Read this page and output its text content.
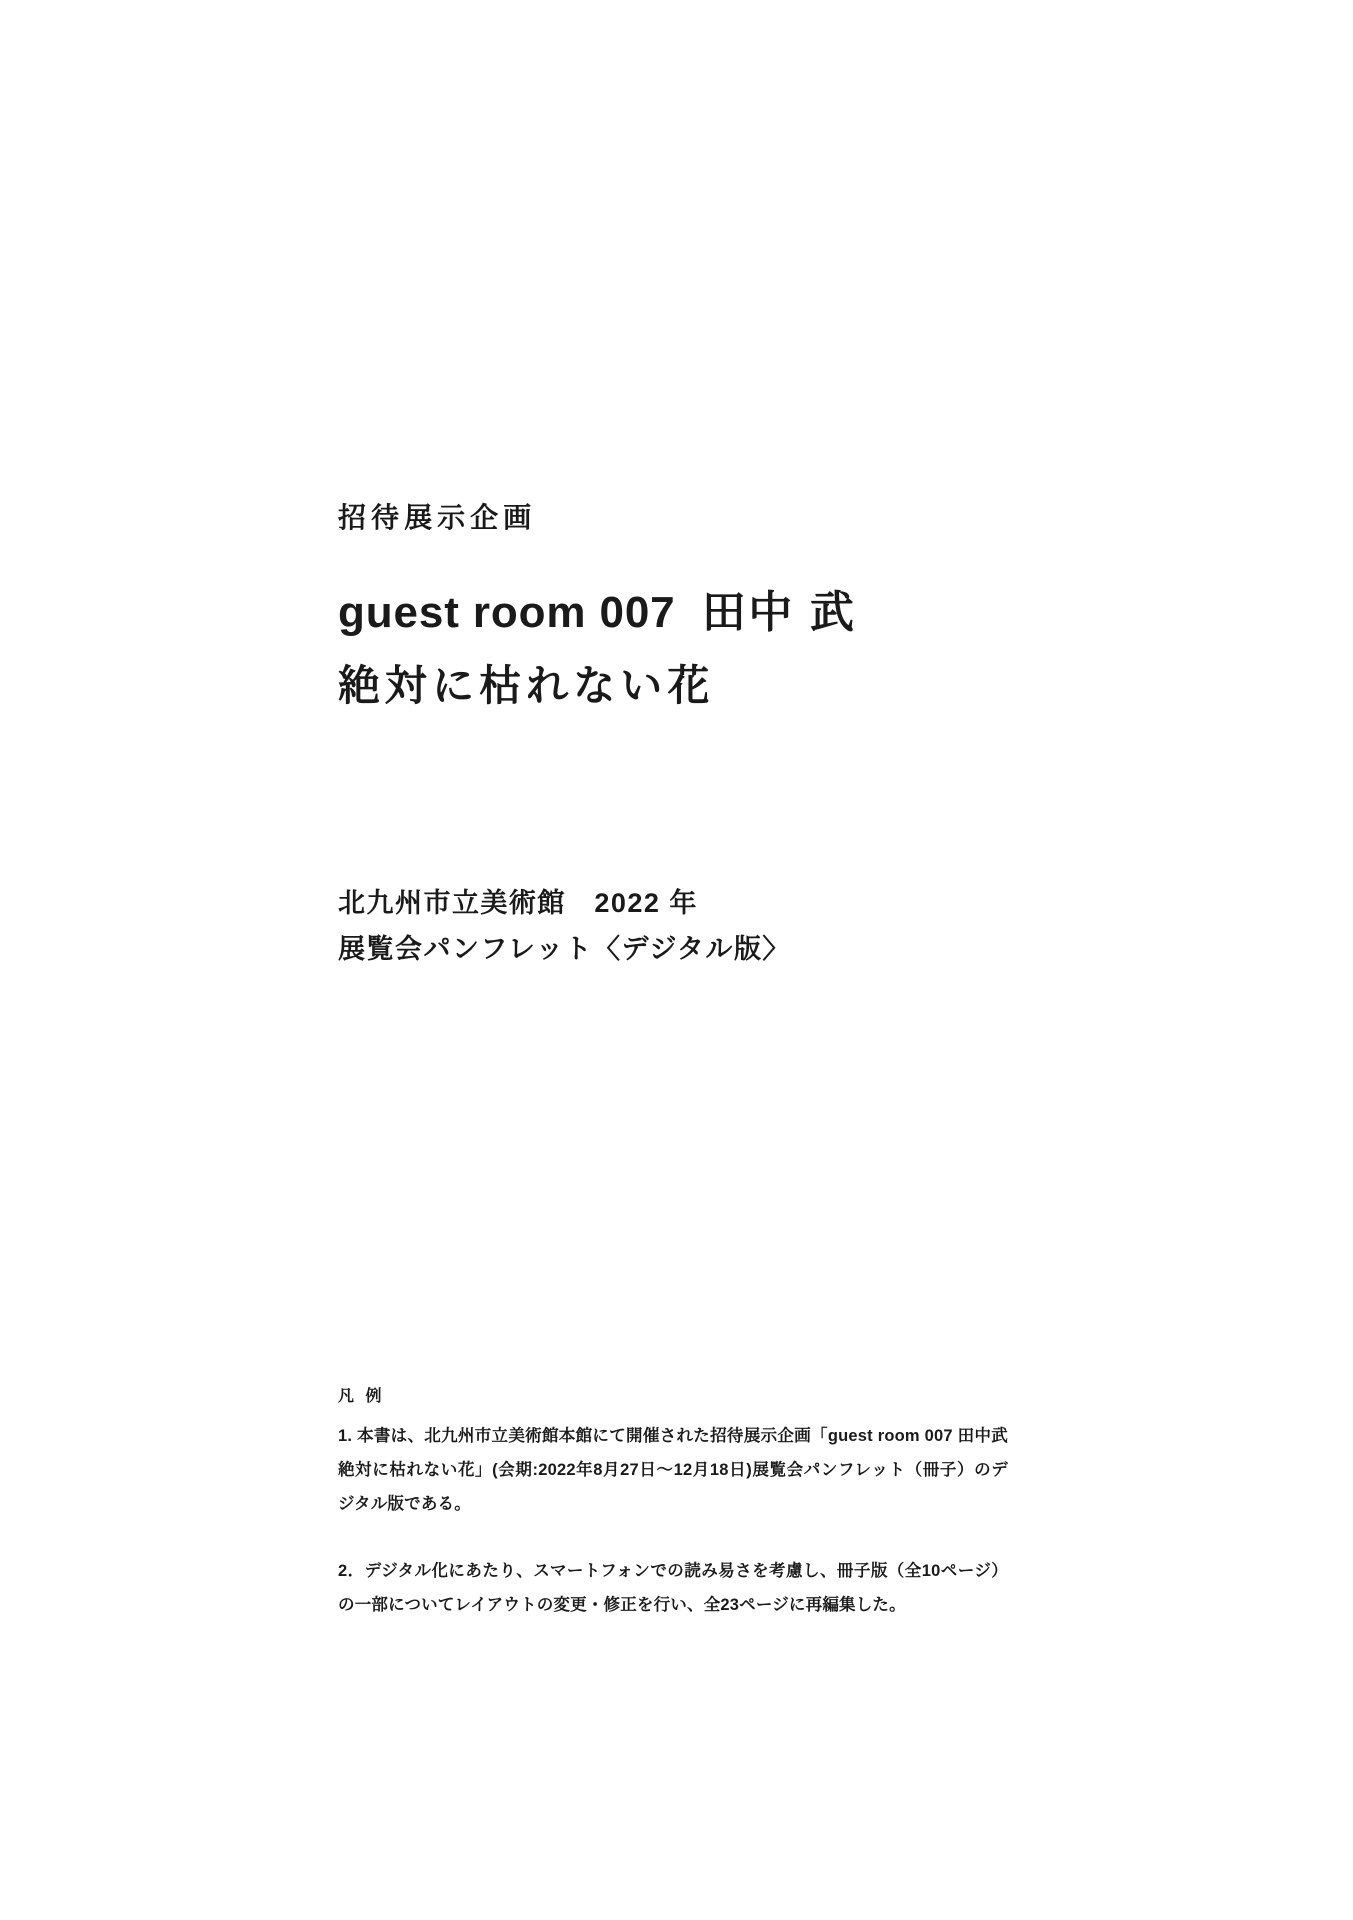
招待展示企画
guest room 007 田中 武
絶対に枯れない花
北九州市立美術館　2022 年
展覧会パンフレット〈デジタル版〉
凡 例

1. 本書は、北九州市立美術館本館にて開催された招待展示企画「guest room 007 田中武 絶対に枯れない花」(会期:2022年8月27日〜12月18日)展覧会パンフレット（冊子）のデジタル版である。

2．デジタル化にあたり、スマートフォンでの読み易さを考慮し、冊子版（全10ページ）の一部についてレイアウトの変更・修正を行い、全23ページに再編集した。
